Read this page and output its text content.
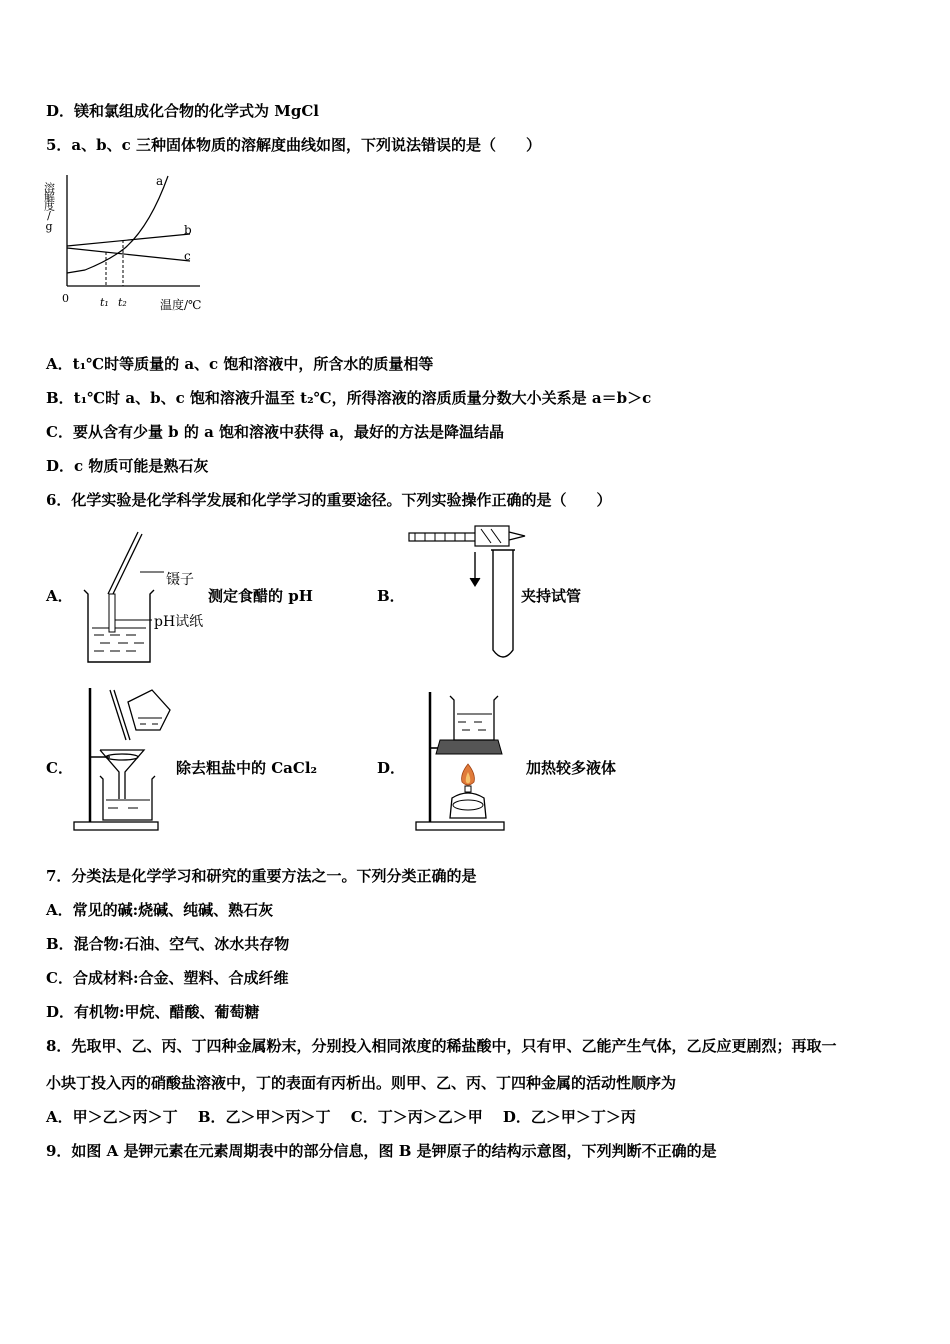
D．镁和氯组成化合物的化学式为 MgCl
5．a、b、c 三种固体物质的溶解度曲线如图，下列说法错误的是（　　）
溶解度/g
a
b
c
0	t₁ t₂	温度/℃
A．t₁℃时等质量的 a、c 饱和溶液中，所含水的质量相等
B．t₁℃时 a、b、c 饱和溶液升温至 t₂℃，所得溶液的溶质质量分数大小关系是 a＝b＞c
C．要从含有少量 b 的 a 饱和溶液中获得 a，最好的方法是降温结晶
D．c 物质可能是熟石灰
6．化学实验是化学科学发展和化学学习的重要途径。下列实验操作正确的是（　　）
A．
镊子
pH试纸
测定食醋的 pH	B．	夹持试管
C．	除去粗盐中的 CaCl₂	D．	加热较多液体
7．分类法是化学学习和研究的重要方法之一。下列分类正确的是
A．常见的碱:烧碱、纯碱、熟石灰
B．混合物:石油、空气、冰水共存物
C．合成材料:合金、塑料、合成纤维
D．有机物:甲烷、醋酸、葡萄糖
8．先取甲、乙、丙、丁四种金属粉末，分别投入相同浓度的稀盐酸中，只有甲、乙能产生气体，乙反应更剧烈；再取一
小块丁投入丙的硝酸盐溶液中，丁的表面有丙析出。则甲、乙、丙、丁四种金属的活动性顺序为
A．甲＞乙＞丙＞丁　 B．乙＞甲＞丙＞丁　 C．丁＞丙＞乙＞甲　 D．乙＞甲＞丁＞丙
9．如图 A 是钾元素在元素周期表中的部分信息，图 B 是钾原子的结构示意图，下列判断不正确的是
